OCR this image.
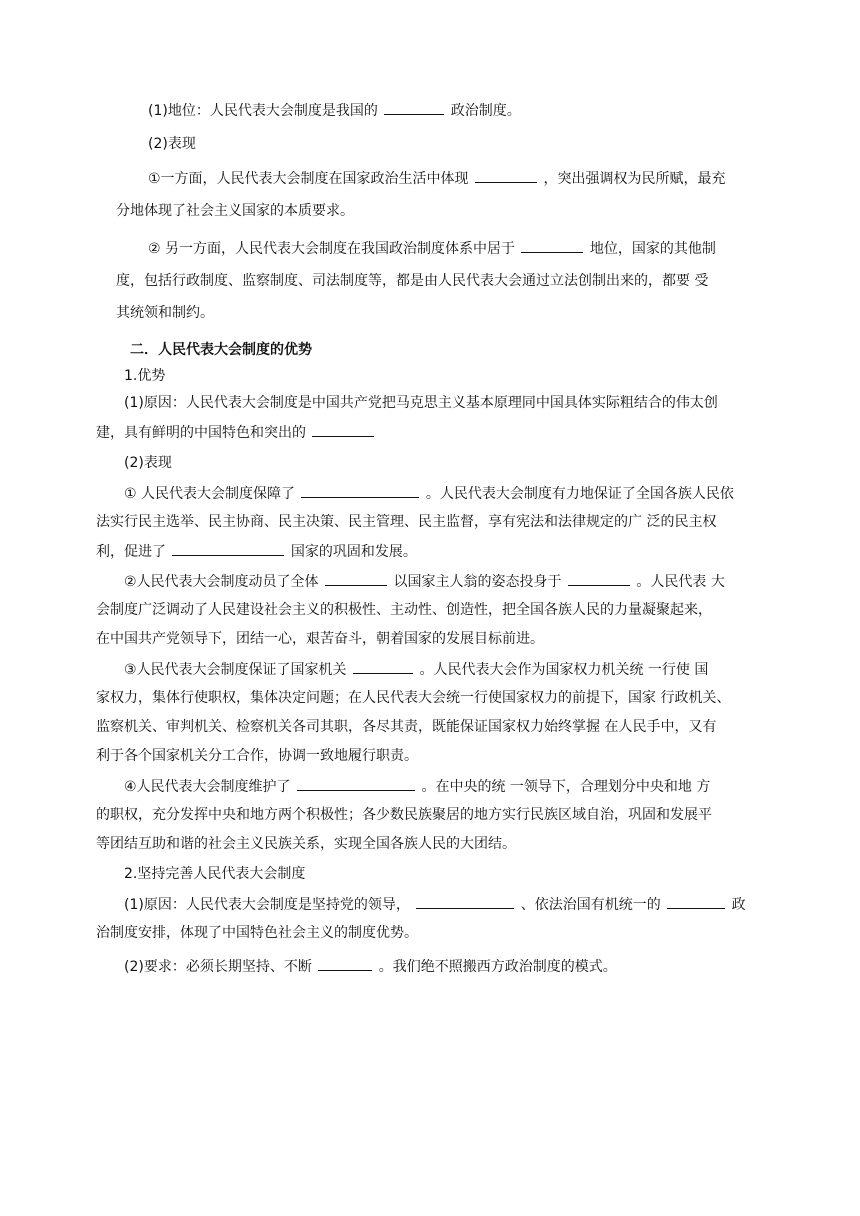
(1)地位：人民代表大会制度是我国的	政治制度。
(2)表现
①一方面，人民代表大会制度在国家政治生活中体现	，突出强调权为民所赋，最充
分地体现了社会主义国家的本质要求。
② 另一方面，人民代表大会制度在我国政治制度体系中居于	地位，国家的其他制
度，包括行政制度、监察制度、司法制度等，都是由人民代表大会通过立法创制出来的，都要 受
其统领和制约。
二．人民代表大会制度的优势
1.优势
(1)原因：人民代表大会制度是中国共产党把马克思主义基本原理同中国具体实际粗结合的伟太创
建，具有鲜明的中国特色和突出的
(2)表现
① 人民代表大会制度保障了	。人民代表大会制度有力地保证了全国各族人民依
法实行民主选举、民主协商、民主决策、民主管理、民主监督，享有宪法和法律规定的广 泛的民主权
利，促进了	国家的巩固和发展。
②人民代表大会制度动员了全体	以国家主人翁的姿态投身于	。人民代表 大
会制度广泛调动了人民建设社会主义的积极性、主动性、创造性，把全国各族人民的力量凝聚起来，
在中国共产党领导下，团结一心，艰苦奋斗，朝着国家的发展目标前进。
③人民代表大会制度保证了国家机关	。人民代表大会作为国家权力机关统 一行使 国
家权力，集体行使职权，集体决定问题；在人民代表大会统一行使国家权力的前提下，国家 行政机关、
监察机关、审判机关、检察机关各司其职，各尽其责，既能保证国家权力始终掌握 在人民手中，又有
利于各个国家机关分工合作，协调一致地履行职责。
④人民代表大会制度维护了	。在中央的统 一领导下，合理划分中央和地 方
的职权，充分发挥中央和地方两个积极性；各少数民族聚居的地方实行民族区域自治，巩固和发展平
等团结互助和谐的社会主义民族关系，实现全国各族人民的大团结。
2.坚持完善人民代表大会制度
(1)原因：人民代表大会制度是坚持党的领导，	、依法治国有机统一的	政
治制度安排，体现了中国特色社会主义的制度优势。
(2)要求：必须长期坚持、不断	。我们绝不照搬西方政治制度的模式。
